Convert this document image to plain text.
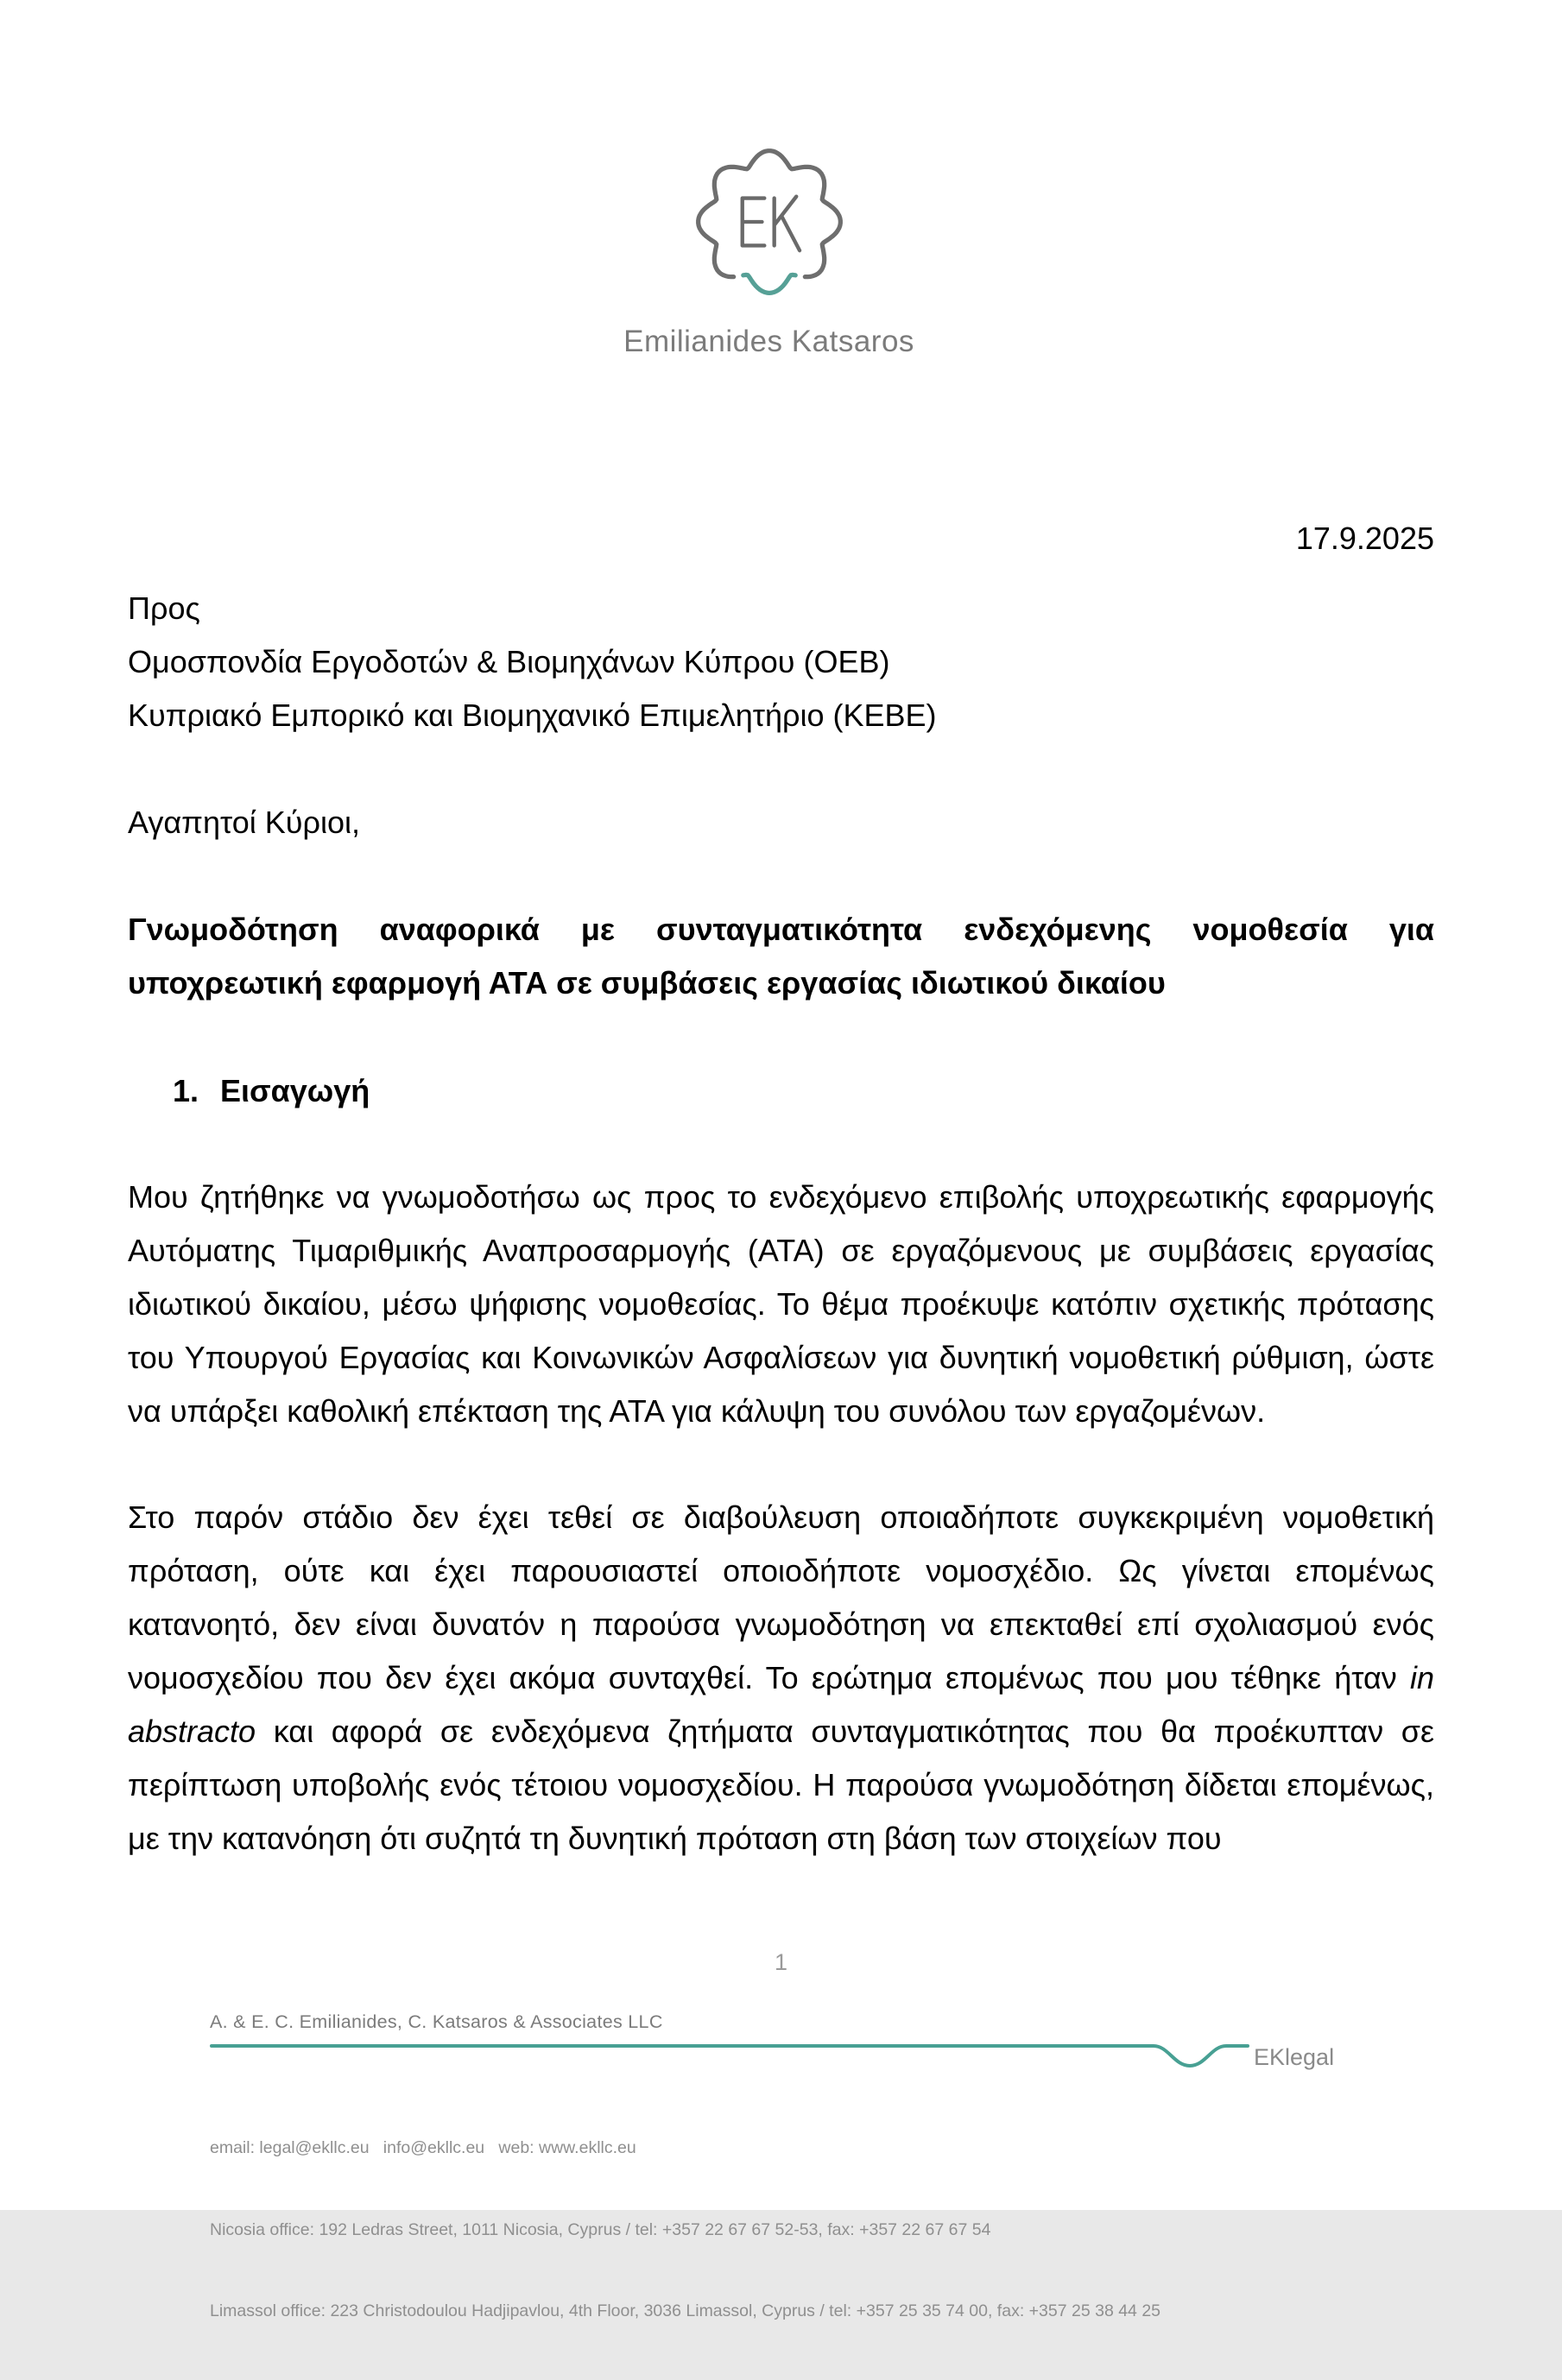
Emilianides Katsaros
17.9.2025
Προς
Ομοσπονδία Εργοδοτών & Βιομηχάνων Κύπρου (ΟΕΒ)
Κυπριακό Εμπορικό και Βιομηχανικό Επιμελητήριο (ΚΕΒΕ)
Αγαπητοί Κύριοι,

Γνωμοδότηση αναφορικά με συνταγματικότητα ενδεχόμενης νομοθεσία για υποχρεωτική εφαρμογή ΑΤΑ σε συμβάσεις εργασίας ιδιωτικού δικαίου

1. Εισαγωγή

Μου ζητήθηκε να γνωμοδοτήσω ως προς το ενδεχόμενο επιβολής υποχρεωτικής εφαρμογής Αυτόματης Τιμαριθμικής Αναπροσαρμογής (ΑΤΑ) σε εργαζόμενους με συμβάσεις εργασίας ιδιωτικού δικαίου, μέσω ψήφισης νομοθεσίας. Το θέμα προέκυψε κατόπιν σχετικής πρότασης του Υπουργού Εργασίας και Κοινωνικών Ασφαλίσεων για δυνητική νομοθετική ρύθμιση, ώστε να υπάρξει καθολική επέκταση της ΑΤΑ για κάλυψη του συνόλου των εργαζομένων.

Στο παρόν στάδιο δεν έχει τεθεί σε διαβούλευση οποιαδήποτε συγκεκριμένη νομοθετική πρόταση, ούτε και έχει παρουσιαστεί οποιοδήποτε νομοσχέδιο. Ως γίνεται επομένως κατανοητό, δεν είναι δυνατόν η παρούσα γνωμοδότηση να επεκταθεί επί σχολιασμού ενός νομοσχεδίου που δεν έχει ακόμα συνταχθεί. Το ερώτημα επομένως που μου τέθηκε ήταν in abstracto και αφορά σε ενδεχόμενα ζητήματα συνταγματικότητας που θα προέκυπταν σε περίπτωση υποβολής ενός τέτοιου νομοσχεδίου. Η παρούσα γνωμοδότηση δίδεται επομένως, με την κατανόηση ότι συζητά τη δυνητική πρόταση στη βάση των στοιχείων που

1
A. & E. C. Emilianides, C. Katsaros & Associates LLC
EKlegal

email: legal@ekllc.eu   info@ekllc.eu   web: www.ekllc.eu

Nicosia office: 192 Ledras Street, 1011 Nicosia, Cyprus / tel: +357 22 67 67 52-53, fax: +357 22 67 67 54

Limassol office: 223 Christodoulou Hadjipavlou, 4th Floor, 3036 Limassol, Cyprus / tel: +357 25 35 74 00, fax: +357 25 38 44 25
